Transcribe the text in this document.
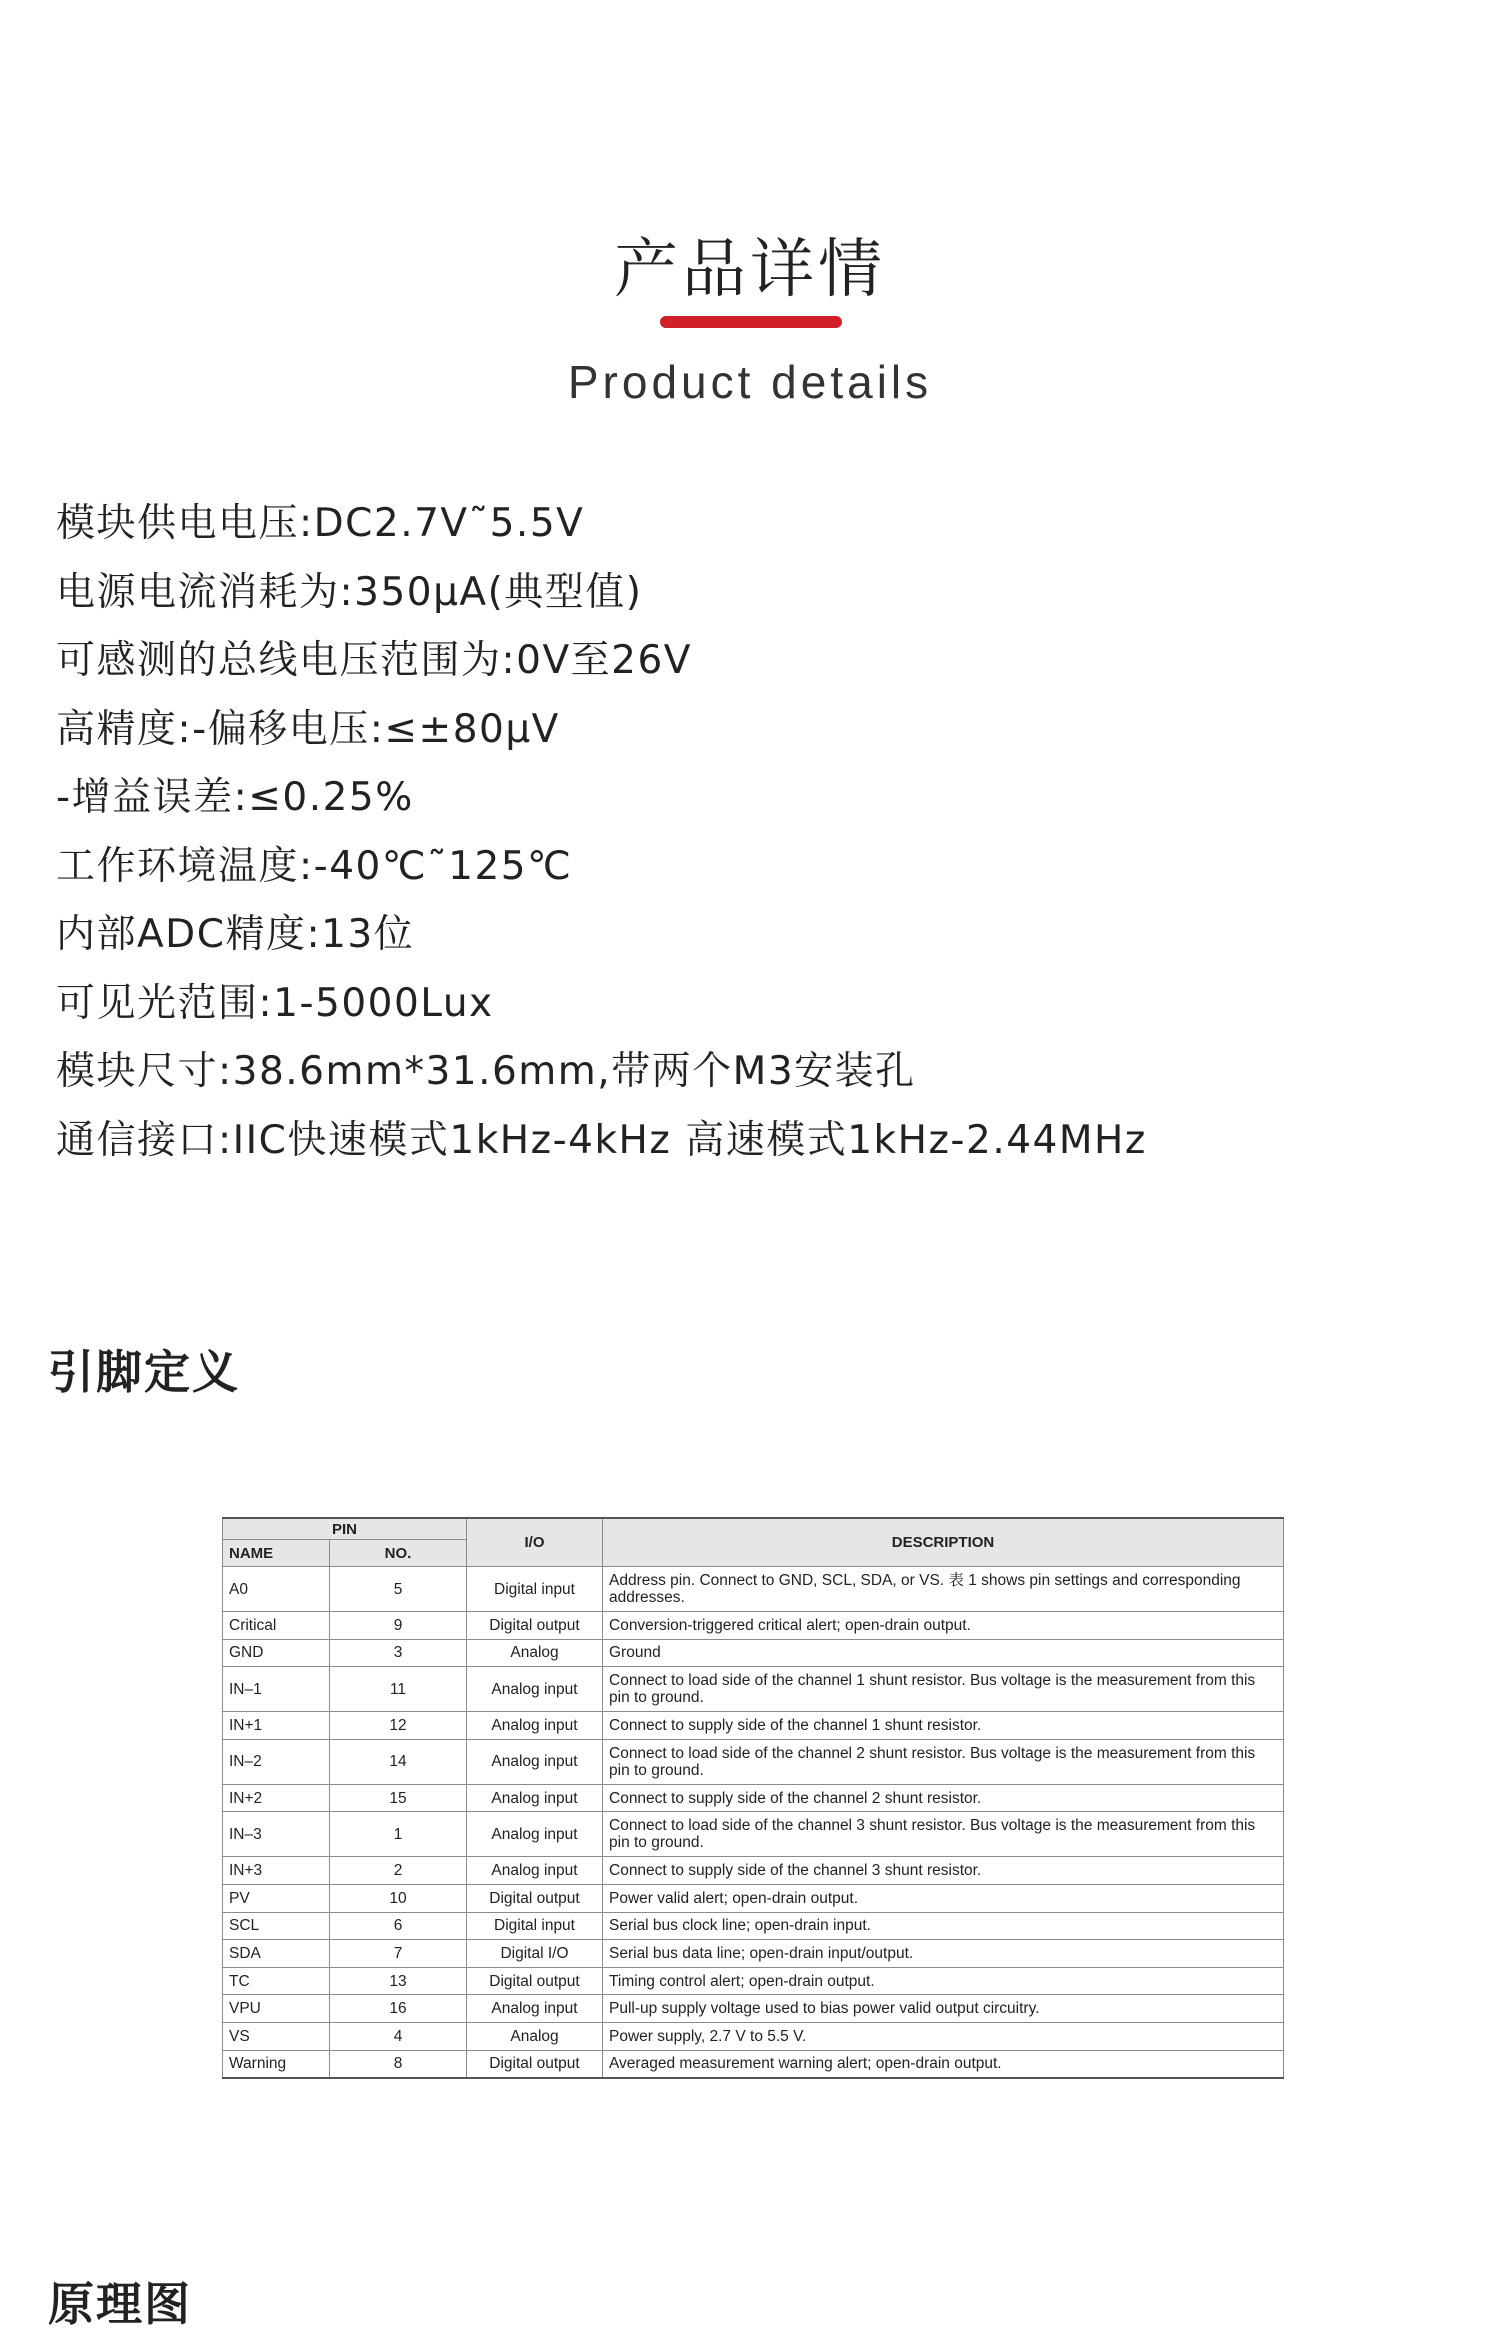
产品详情
Product details
模块供电电压:DC2.7V˜5.5V
电源电流消耗为:350μA(典型值)
可感测的总线电压范围为:0V至26V
高精度:-偏移电压:≤±80μV
-增益误差:≤0.25%
工作环境温度:-40℃˜125℃
内部ADC精度:13位
可见光范围:1-5000Lux
模块尺寸:38.6mm*31.6mm,带两个M3安装孔
通信接口:IIC快速模式1kHz-4kHz 高速模式1kHz-2.44MHz
引脚定义
PIN		I/O	DESCRIPTION
NAME	NO.		
A0	5	Digital input	Address pin. Connect to GND, SCL, SDA, or VS. 表 1 shows pin settings and corresponding addresses.
Critical	9	Digital output	Conversion-triggered critical alert; open-drain output.
GND	3	Analog	Ground
IN–1	11	Analog input	Connect to load side of the channel 1 shunt resistor. Bus voltage is the measurement from this pin to ground.
IN+1	12	Analog input	Connect to supply side of the channel 1 shunt resistor.
IN–2	14	Analog input	Connect to load side of the channel 2 shunt resistor. Bus voltage is the measurement from this pin to ground.
IN+2	15	Analog input	Connect to supply side of the channel 2 shunt resistor.
IN–3	1	Analog input	Connect to load side of the channel 3 shunt resistor. Bus voltage is the measurement from this pin to ground.
IN+3	2	Analog input	Connect to supply side of the channel 3 shunt resistor.
PV	10	Digital output	Power valid alert; open-drain output.
SCL	6	Digital input	Serial bus clock line; open-drain input.
SDA	7	Digital I/O	Serial bus data line; open-drain input/output.
TC	13	Digital output	Timing control alert; open-drain output.
VPU	16	Analog input	Pull-up supply voltage used to bias power valid output circuitry.
VS	4	Analog	Power supply, 2.7 V to 5.5 V.
Warning	8	Digital output	Averaged measurement warning alert; open-drain output.
原理图
